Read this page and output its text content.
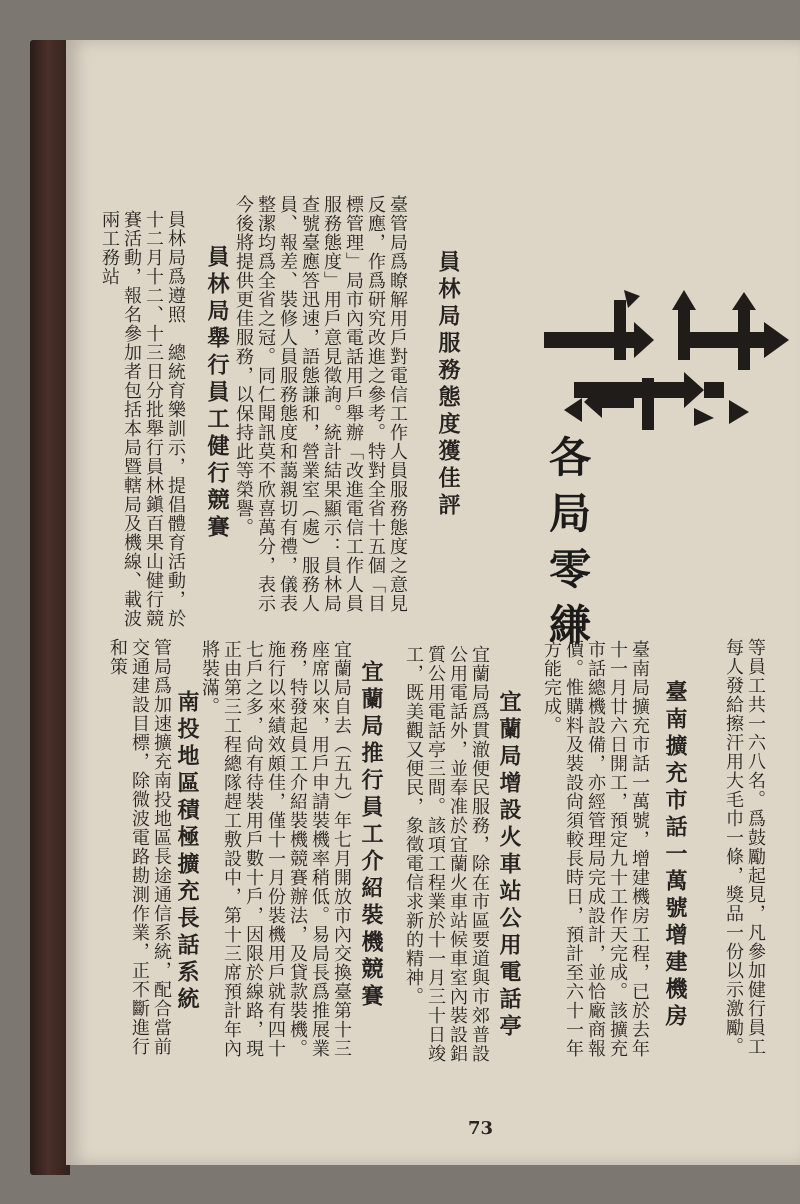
各局零縑
員林局服務態度獲佳評
臺管局爲瞭解用戶對電信工作人員服務態度之意見反應，作爲研究改進之參考。特對全省十五個「目標管理」局市內電話用戶舉辦「改進電信工作人員服務態度」用戶意見徵詢。統計結果顯示：員林局查號臺應答迅速，語態謙和，營業室（處）服務人員、報差、裝修人員服務態度和藹親切有禮，儀表整潔均爲全省之冠。同仁聞訊莫不欣喜萬分，表示今後將提供更佳服務，以保持此等榮譽。
員林局舉行員工健行競賽
員林局爲遵照　總統育樂訓示，提倡體育活動，於十二月十二、十三日分批舉行員林鎭百果山健行競賽活動，報名參加者包括本局暨轄局及機線、載波兩工務站
等員工共一六八名。爲鼓勵起見，凡參加健行員工每人發給擦汗用大毛巾一條，獎品一份以示激勵。
臺南擴充市話一萬號增建機房
臺南局擴充市話一萬號，增建機房工程，已於去年十一月廿六日開工，預定九十工作天完成。該擴充市話總機設備，亦經管理局完成設計，並恰廠商報價。惟購料及裝設尙須較長時日，預計至六十一年方能完成。
宜蘭局增設火車站公用電話亭
宜蘭局爲貫澈便民服務，除在市區要道與市郊普設公用電話外，並奉准於宜蘭火車站候車室內裝設鋁質公用電話亭三間。該項工程業於十一月三十日竣工，既美觀又便民，象徵電信求新的精神。
宜蘭局推行員工介紹裝機競賽
宜蘭局自去（五九）年七月開放市內交換臺第十三座席以來，用戶申請裝機率稍低。易局長爲推展業務，特發起員工介紹裝機競賽辦法，及貸款裝機。施行以來績效頗佳，僅十一月份裝機用戶就有四十七戶之多，尙有待裝用戶數十戶，因限於線路，現正由第三工程總隊趕工敷設中，第十三席預計年內將裝滿。
南投地區積極擴充長話系統
管局爲加速擴充南投地區長途通信系統，配合當前交通建設目標，除微波電路勘測作業，正不斷進行和策
73
